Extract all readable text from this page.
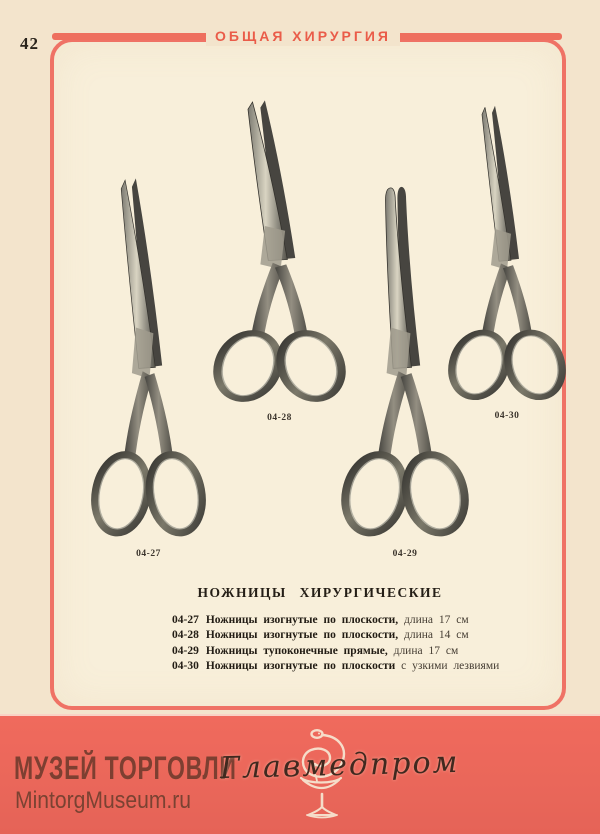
42	ОБЩАЯ ХИРУРГИЯ
04-27
04-28
04-29
04-30
НОЖНИЦЫ ХИРУРГИЧЕСКИЕ
04-27 Ножницы изогнутые по плоскости, длина 17 см
04-28 Ножницы изогнутые по плоскости, длина 14 см
04-29 Ножницы тупоконечные прямые, длина 17 см
04-30 Ножницы изогнутые по плоскости с узкими лезвиями
МУЗЕЙ ТОРГОВЛИ
MintorgMuseum.ru
Главмедпром
